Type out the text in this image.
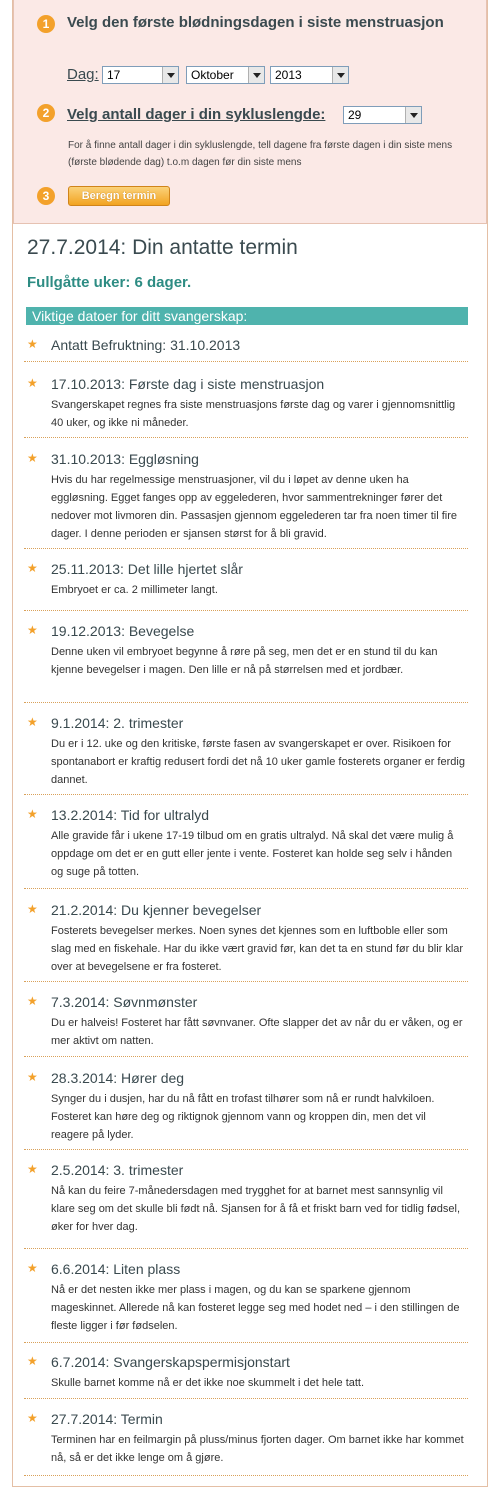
1	Velg den første blødningsdagen i siste menstruasjon
Dag: 17	Oktober	2013
2	Velg antall dager i din sykluslengde:	29
For å finne antall dager i din sykluslengde, tell dagene fra første dagen i din siste mens (første blødende dag) t.o.m dagen før din siste mens
3	Beregn termin
27.7.2014: Din antatte termin
Fullgåtte uker: 6 dager.
Viktige datoer for ditt svangerskap:
★ Antatt Befruktning: 31.10.2013
★ 17.10.2013: Første dag i siste menstruasjon
Svangerskapet regnes fra siste menstruasjons første dag og varer i gjennomsnittlig 40 uker, og ikke ni måneder.
★ 31.10.2013: Eggløsning
Hvis du har regelmessige menstruasjoner, vil du i løpet av denne uken ha eggløsning. Egget fanges opp av eggelederen, hvor sammentrekninger fører det nedover mot livmoren din. Passasjen gjennom eggelederen tar fra noen timer til fire dager. I denne perioden er sjansen størst for å bli gravid.
★ 25.11.2013: Det lille hjertet slår
Embryoet er ca. 2 millimeter langt.
★ 19.12.2013: Bevegelse
Denne uken vil embryoet begynne å røre på seg, men det er en stund til du kan kjenne bevegelser i magen. Den lille er nå på størrelsen med et jordbær.
★ 9.1.2014: 2. trimester
Du er i 12. uke og den kritiske, første fasen av svangerskapet er over. Risikoen for spontanabort er kraftig redusert fordi det nå 10 uker gamle fosterets organer er ferdig dannet.
★ 13.2.2014: Tid for ultralyd
Alle gravide får i ukene 17-19 tilbud om en gratis ultralyd. Nå skal det være mulig å oppdage om det er en gutt eller jente i vente. Fosteret kan holde seg selv i hånden og suge på totten.
★ 21.2.2014: Du kjenner bevegelser
Fosterets bevegelser merkes. Noen synes det kjennes som en luftboble eller som slag med en fiskehale. Har du ikke vært gravid før, kan det ta en stund før du blir klar over at bevegelsene er fra fosteret.
★ 7.3.2014: Søvnmønster
Du er halveis! Fosteret har fått søvnvaner. Ofte slapper det av når du er våken, og er mer aktivt om natten.
★ 28.3.2014: Hører deg
Synger du i dusjen, har du nå fått en trofast tilhører som nå er rundt halvkiloen. Fosteret kan høre deg og riktignok gjennom vann og kroppen din, men det vil reagere på lyder.
★ 2.5.2014: 3. trimester
Nå kan du feire 7-månedersdagen med trygghet for at barnet mest sannsynlig vil klare seg om det skulle bli født nå. Sjansen for å få et friskt barn ved for tidlig fødsel, øker for hver dag.
★ 6.6.2014: Liten plass
Nå er det nesten ikke mer plass i magen, og du kan se sparkene gjennom mageskinnet. Allerede nå kan fosteret legge seg med hodet ned – i den stillingen de fleste ligger i før fødselen.
★ 6.7.2014: Svangerskapspermisjonstart
Skulle barnet komme nå er det ikke noe skummelt i det hele tatt.
★ 27.7.2014: Termin
Terminen har en feilmargin på pluss/minus fjorten dager. Om barnet ikke har kommet nå, så er det ikke lenge om å gjøre.
